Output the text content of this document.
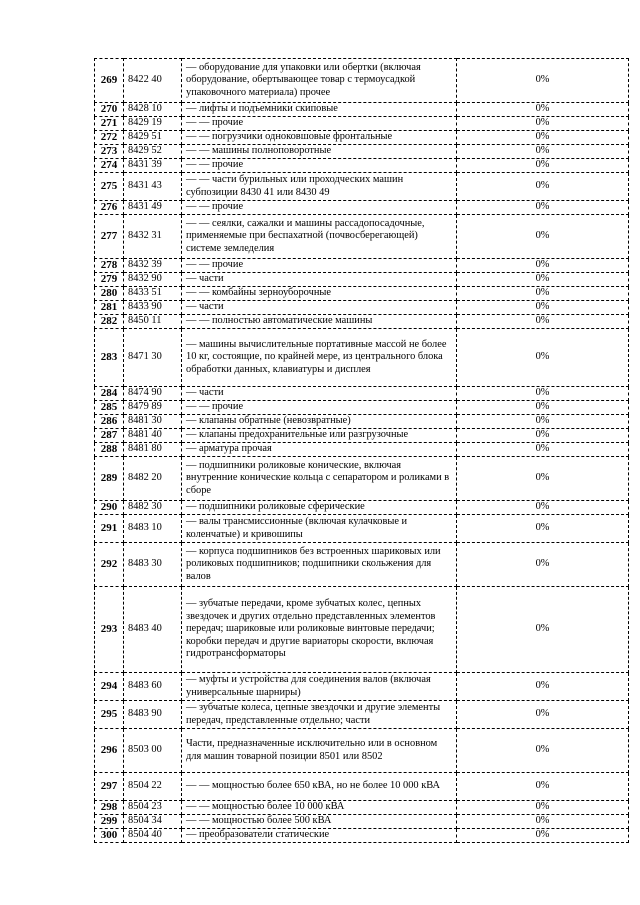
269	8422 40	— оборудование для упаковки или обертки (включая оборудование, обертывающее товар с термоусадкой упаковочного материала) прочее	0%
270	8428 10	— лифты и подъемники скиповые	0%
271	8429 19	— — прочие	0%
272	8429 51	— — погрузчики одноковшовые фронтальные	0%
273	8429 52	— — машины полноповоротные	0%
274	8431 39	— — прочие	0%
275	8431 43	— — части бурильных или проходческих машин субпозиции 8430 41 или 8430 49	0%
276	8431 49	— — прочие	0%
277	8432 31	— — сеялки, сажалки и машины рассадопосадочные, применяемые при беспахатной (почвосберегающей) системе земледелия	0%
278	8432 39	— — прочие	0%
279	8432 90	— части	0%
280	8433 51	— — комбайны зерноуборочные	0%
281	8433 90	— части	0%
282	8450 11	— — полностью автоматические машины	0%
283	8471 30	— машины вычислительные портативные массой не более 10 кг, состоящие, по крайней мере, из центрального блока обработки данных, клавиатуры и дисплея	0%
284	8474 90	— части	0%
285	8479 89	— — прочие	0%
286	8481 30	— клапаны обратные (невозвратные)	0%
287	8481 40	— клапаны предохранительные или разгрузочные	0%
288	8481 80	— арматура прочая	0%
289	8482 20	— подшипники роликовые конические, включая внутренние конические кольца с сепаратором и роликами в сборе	0%
290	8482 30	— подшипники роликовые сферические	0%
291	8483 10	— валы трансмиссионные (включая кулачковые и коленчатые) и кривошипы	0%
292	8483 30	— корпуса подшипников без встроенных шариковых или роликовых подшипников; подшипники скольжения для валов	0%
293	8483 40	— зубчатые передачи, кроме зубчатых колес, цепных звездочек и других отдельно представленных элементов передач; шариковые или роликовые винтовые передачи; коробки передач и другие вариаторы скорости, включая гидротрансформаторы	0%
294	8483 60	— муфты и устройства для соединения валов (включая универсальные шарниры)	0%
295	8483 90	— зубчатые колеса, цепные звездочки и другие элементы передач, представленные отдельно; части	0%
296	8503 00	Части, предназначенные исключительно или в основном для машин товарной позиции 8501 или 8502	0%
297	8504 22	— — мощностью более 650 кВА, но не более 10 000 кВА	0%
298	8504 23	— — мощностью более 10 000 кВА	0%
299	8504 34	— — мощностью более 500 кВА	0%
300	8504 40	— преобразователи статические	0%
